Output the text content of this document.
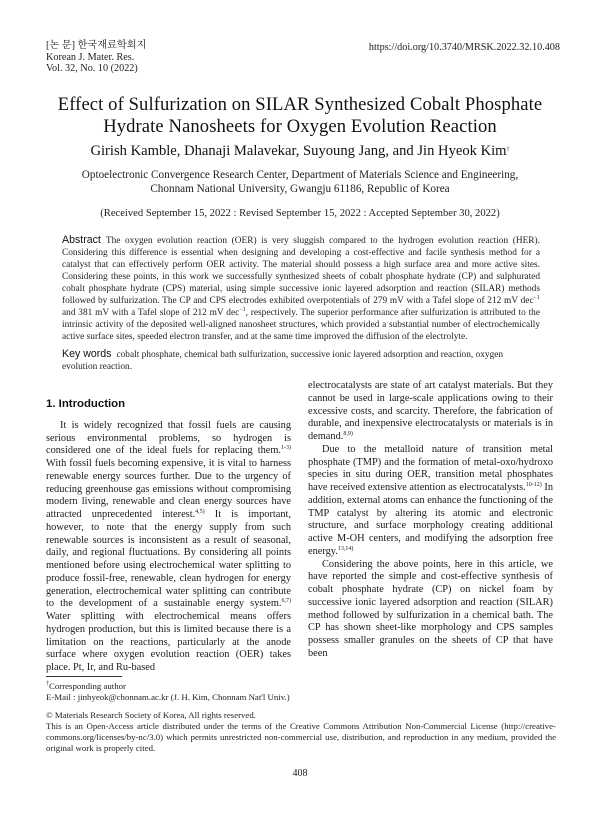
[논 문] 한국재료학회지
Korean J. Mater. Res.
Vol. 32, No. 10 (2022)
https://doi.org/10.3740/MRSK.2022.32.10.408
Effect of Sulfurization on SILAR Synthesized Cobalt Phosphate
Hydrate Nanosheets for Oxygen Evolution Reaction
Girish Kamble, Dhanaji Malavekar, Suyoung Jang, and Jin Hyeok Kim†
Optoelectronic Convergence Research Center, Department of Materials Science and Engineering,
Chonnam National University, Gwangju 61186, Republic of Korea
(Received September 15, 2022 : Revised September 15, 2022 : Accepted September 30, 2022)
Abstract The oxygen evolution reaction (OER) is very sluggish compared to the hydrogen evolution reaction (HER). Considering this difference is essential when designing and developing a cost-effective and facile synthesis method for a catalyst that can effectively perform OER activity. The material should possess a high surface area and more active sites. Considering these points, in this work we successfully synthesized sheets of cobalt phosphate hydrate (CP) and sulphurated cobalt phosphate hydrate (CPS) material, using simple successive ionic layered adsorption and reaction (SILAR) methods followed by sulfurization. The CP and CPS electrodes exhibited overpotentials of 279 mV with a Tafel slope of 212 mV dec$^{-1}$ and 381 mV with a Tafel slope of 212 mV dec$^{-1}$, respectively. The superior performance after sulfurization is attributed to the intrinsic activity of the deposited well-aligned nanosheet structures, which provided a substantial number of electrochemically active surface sites, speeded electron transfer, and at the same time improved the diffusion of the electrolyte.
Key words cobalt phosphate, chemical bath sulfurization, successive ionic layered adsorption and reaction, oxygen evolution reaction.
1. Introduction

It is widely recognized that fossil fuels are causing serious environmental problems, so hydrogen is considered one of the ideal fuels for replacing them.$^{1-3)}$ With fossil fuels becoming expensive, it is vital to harness renewable energy sources further. Due to the urgency of reducing greenhouse gas emissions without compromising modern living, renewable and clean energy sources have attracted unprecedented interest.$^{4,5)}$ It is important, however, to note that the energy supply from such renewable sources is inconsistent as a result of seasonal, daily, and regional fluctuations. By considering all points mentioned before using electrochemical water splitting to produce fossil-free, renewable, clean hydrogen for energy generation, electrochemical water splitting can contribute to the development of a sustainable energy system.$^{6,7)}$ Water splitting with electrochemical means offers hydrogen production, but this is limited because there is a limitation on the reactions, particularly at the anode surface where oxygen evolution reaction (OER) takes place. Pt, Ir, and Ru-based

electrocatalysts are state of art catalyst materials. But they cannot be used in large-scale applications owing to their excessive costs, and scarcity. Therefore, the fabrication of durable, and inexpensive electrocatalysts or materials is in demand.$^{8,9)}$

Due to the metalloid nature of transition metal phosphate (TMP) and the formation of metal-oxo/hydroxo species in situ during OER, transition metal phosphates have received extensive attention as electrocatalysts.$^{10-12)}$ In addition, external atoms can enhance the functioning of the TMP catalyst by altering its atomic and electronic structure, and surface morphology creating additional active M-OH centers, and modifying the adsorption free energy.$^{13,14)}$

Considering the above points, here in this article, we have reported the simple and cost-effective synthesis of cobalt phosphate hydrate (CP) on nickel foam by successive ionic layered adsorption and reaction (SILAR) method followed by sulfurization in a chemical bath. The CP has shown sheet-like morphology and CPS samples possess smaller granules on the sheets of CP that have been

†Corresponding author

E-Mail : jinhyeok@chonnam.ac.kr (J. H. Kim, Chonnam Nat'l Univ.)

© Materials Research Society of Korea, All rights reserved.

This is an Open-Access article distributed under the terms of the Creative Commons Attribution Non-Commercial License (http://creative-commons.org/licenses/by-nc/3.0) which permits unrestricted non-commercial use, distribution, and reproduction in any medium, provided the original work is properly cited.

408
